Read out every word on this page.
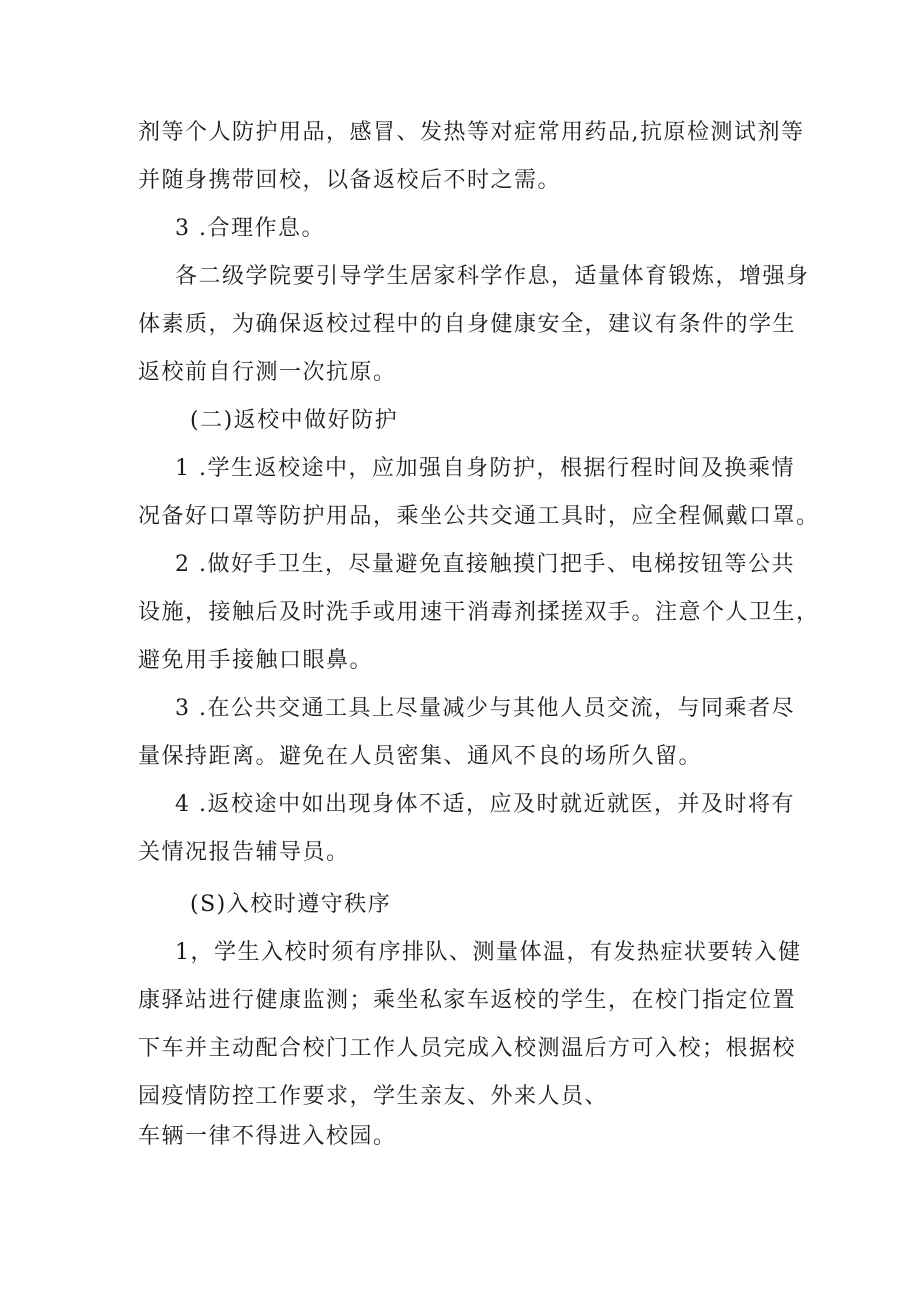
剂等个人防护用品，感冒、发热等对症常用药品,抗原检测试剂等
并随身携带回校，以备返校后不时之需。
3 .合理作息。
各二级学院要引导学生居家科学作息，适量体育锻炼，增强身
体素质，为确保返校过程中的自身健康安全，建议有条件的学生
返校前自行测一次抗原。
(二)返校中做好防护
1 .学生返校途中，应加强自身防护，根据行程时间及换乘情
况备好口罩等防护用品，乘坐公共交通工具时，应全程佩戴口罩。
2 .做好手卫生，尽量避免直接触摸门把手、电梯按钮等公共
设施，接触后及时洗手或用速干消毒剂揉搓双手。注意个人卫生，
避免用手接触口眼鼻。
3 .在公共交通工具上尽量减少与其他人员交流，与同乘者尽
量保持距离。避免在人员密集、通风不良的场所久留。
4 .返校途中如出现身体不适，应及时就近就医，并及时将有
关情况报告辅导员。
(S)入校时遵守秩序
1，学生入校时须有序排队、测量体温，有发热症状要转入健
康驿站进行健康监测；乘坐私家车返校的学生，在校门指定位置
下车并主动配合校门工作人员完成入校测温后方可入校；根据校
园疫情防控工作要求，学生亲友、外来人员、
车辆一律不得进入校园。
